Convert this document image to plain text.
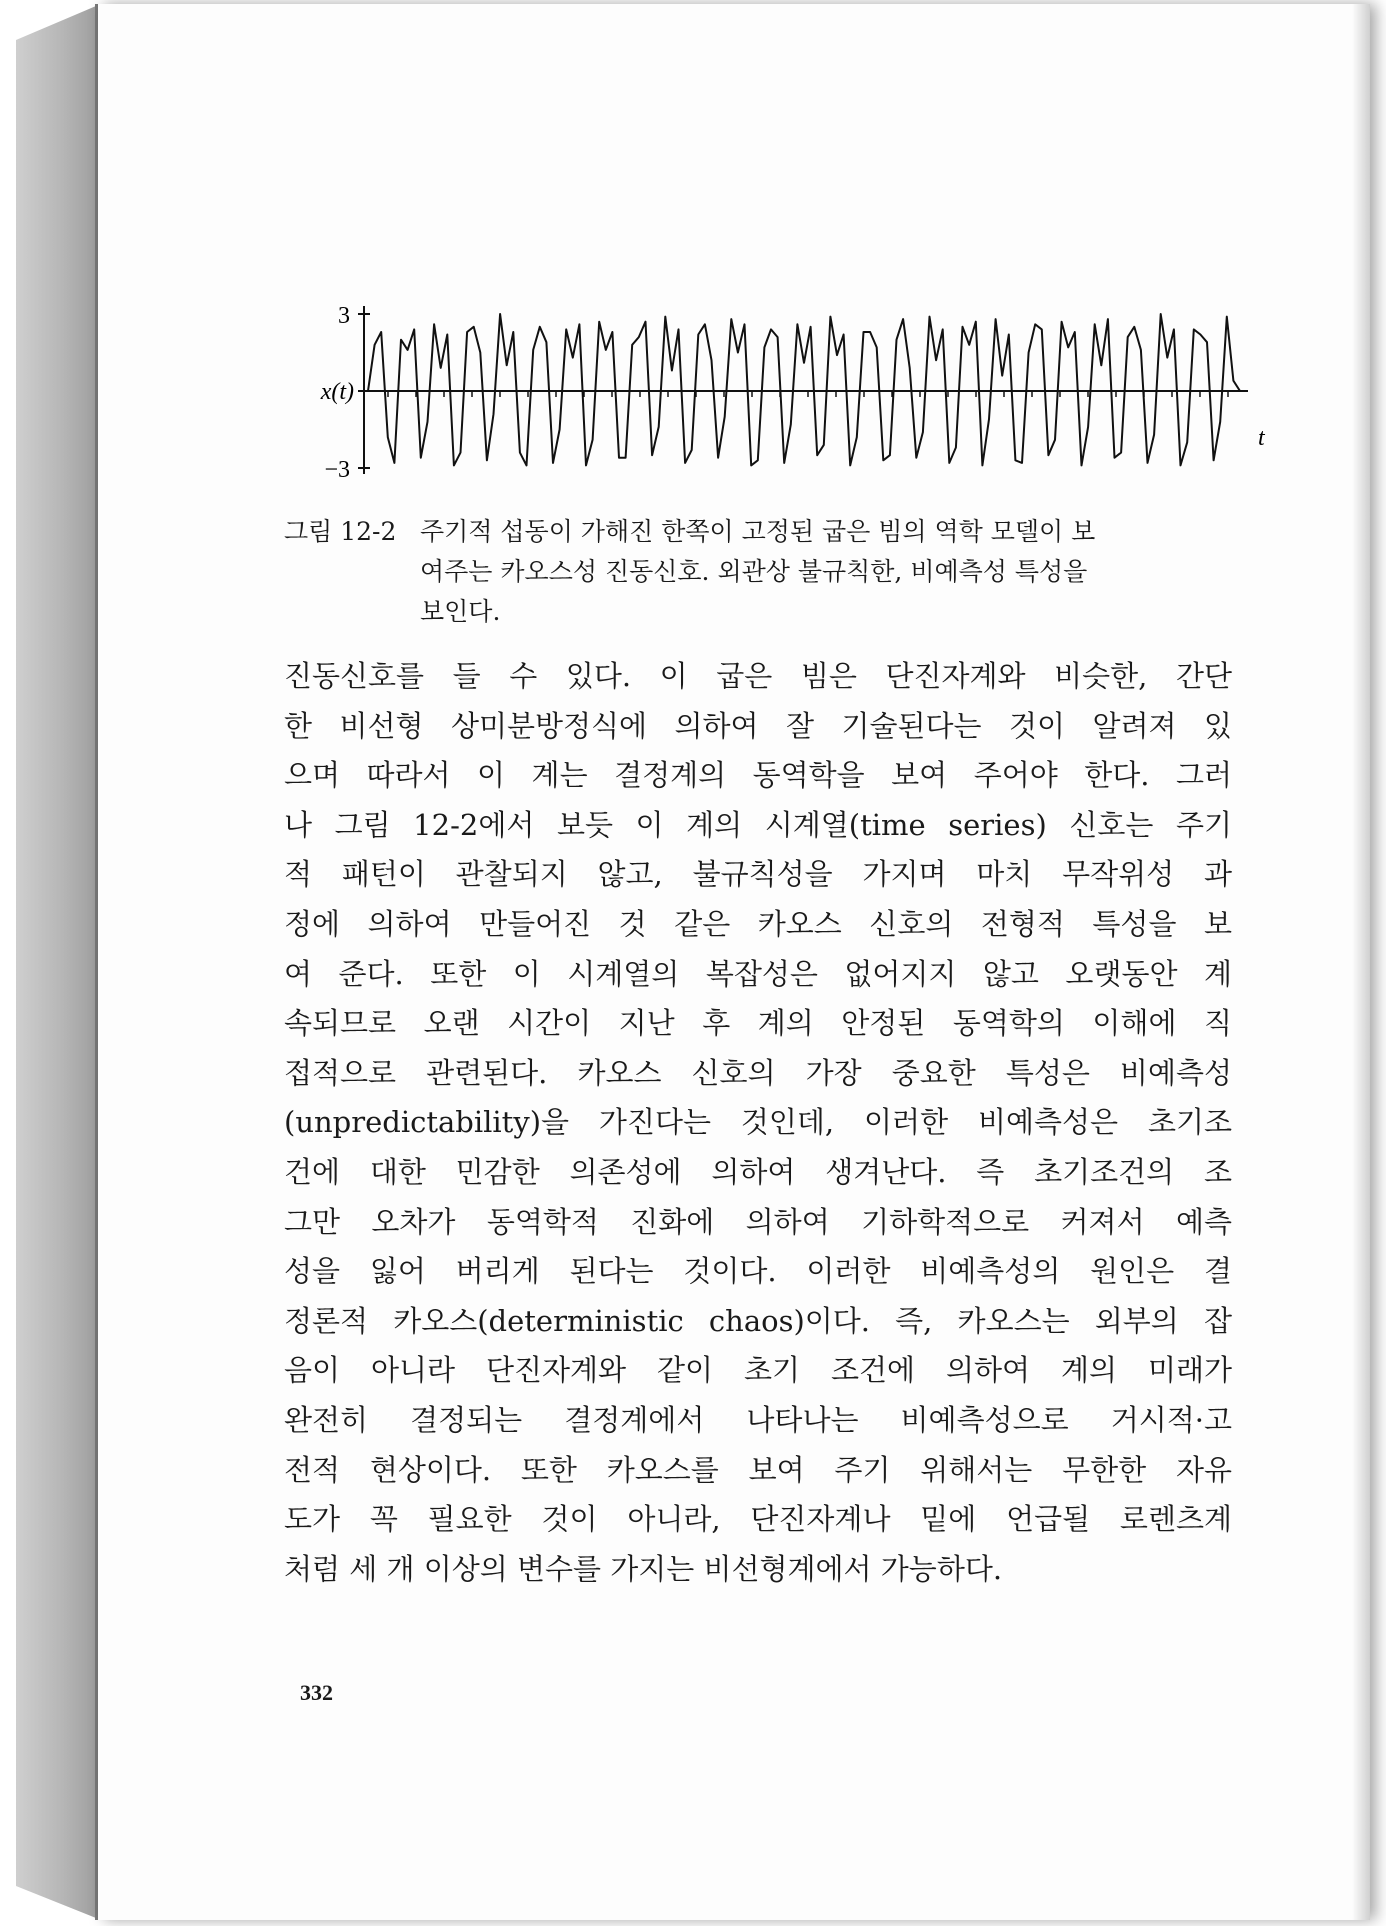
3
−3
x(t)
t
그림 12-2 주기적 섭동이 가해진 한쪽이 고정된 굽은 빔의 역학 모델이 보
여주는 카오스성 진동신호. 외관상 불규칙한, 비예측성 특성을
보인다.
진동신호를 들 수 있다. 이 굽은 빔은 단진자계와 비슷한, 간단
한 비선형 상미분방정식에 의하여 잘 기술된다는 것이 알려져 있
으며 따라서 이 계는 결정계의 동역학을 보여 주어야 한다. 그러
나 그림 12-2에서 보듯 이 계의 시계열(time series) 신호는 주기
적 패턴이 관찰되지 않고, 불규칙성을 가지며 마치 무작위성 과
정에 의하여 만들어진 것 같은 카오스 신호의 전형적 특성을 보
여 준다. 또한 이 시계열의 복잡성은 없어지지 않고 오랫동안 계
속되므로 오랜 시간이 지난 후 계의 안정된 동역학의 이해에 직
접적으로 관련된다. 카오스 신호의 가장 중요한 특성은 비예측성
(unpredictability)을 가진다는 것인데, 이러한 비예측성은 초기조
건에 대한 민감한 의존성에 의하여 생겨난다. 즉 초기조건의 조
그만 오차가 동역학적 진화에 의하여 기하학적으로 커져서 예측
성을 잃어 버리게 된다는 것이다. 이러한 비예측성의 원인은 결
정론적 카오스(deterministic chaos)이다. 즉, 카오스는 외부의 잡
음이 아니라 단진자계와 같이 초기 조건에 의하여 계의 미래가
완전히 결정되는 결정계에서 나타나는 비예측성으로 거시적·고
전적 현상이다. 또한 카오스를 보여 주기 위해서는 무한한 자유
도가 꼭 필요한 것이 아니라, 단진자계나 밑에 언급될 로렌츠계
처럼 세 개 이상의 변수를 가지는 비선형계에서 가능하다.
332
